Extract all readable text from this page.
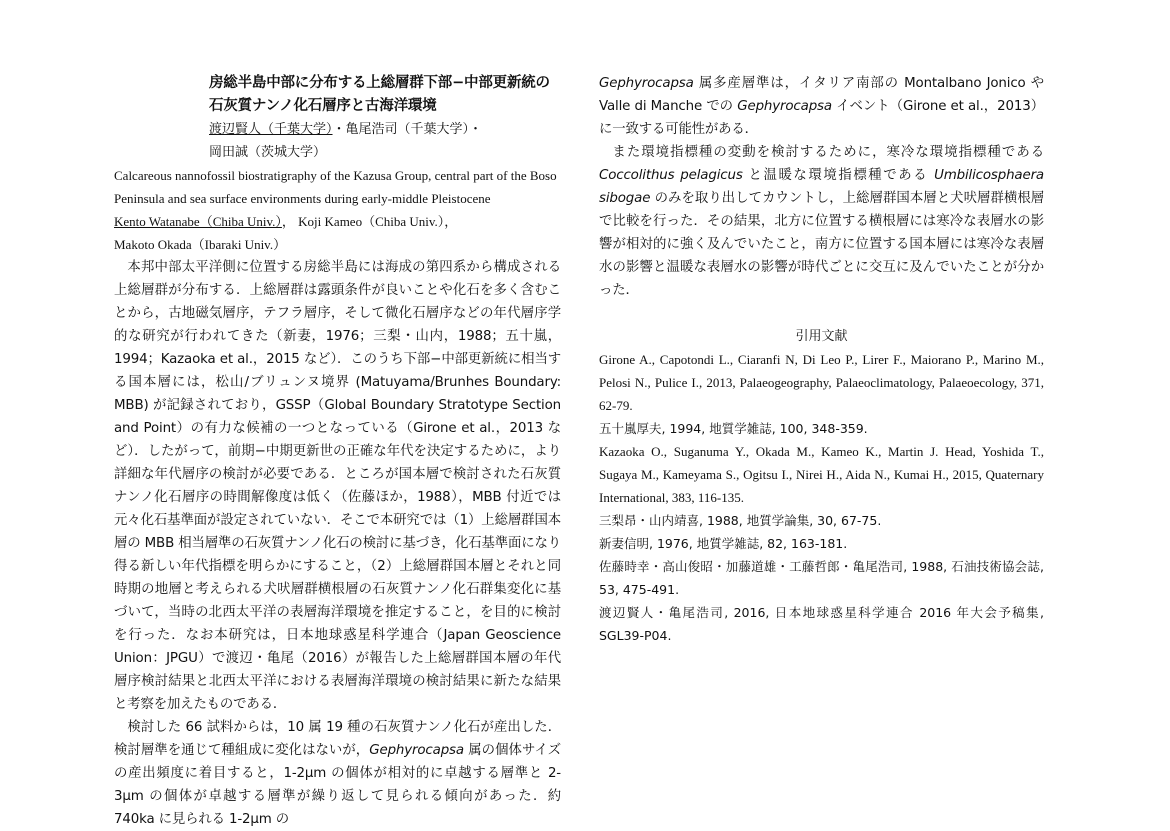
房総半島中部に分布する上総層群下部−中部更新統の石灰質ナンノ化石層序と古海洋環境
渡辺賢人（千葉大学）・亀尾浩司（千葉大学）・
岡田誠（茨城大学）
Calcareous nannofossil biostratigraphy of the Kazusa Group, central part of the Boso Peninsula and sea surface environments during early-middle Pleistocene
Kento Watanabe（Chiba Univ.）， Koji Kameo（Chiba Univ.），
Makoto Okada（Ibaraki Univ.）

本邦中部太平洋側に位置する房総半島には海成の第四系から構成される上総層群が分布する．上総層群は露頭条件が良いことや化石を多く含むことから，古地磁気層序，テフラ層序，そして微化石層序などの年代層序学的な研究が行われてきた（新妻，1976；三梨・山内，1988；五十嵐，1994；Kazaoka et al.，2015 など）．このうち下部−中部更新統に相当する国本層には，松山/ブリュンヌ境界 (Matuyama/Brunhes Boundary: MBB) が記録されており，GSSP（Global Boundary Stratotype Section and Point）の有力な候補の一つとなっている（Girone et al.，2013 など）．したがって，前期−中期更新世の正確な年代を決定するために，より詳細な年代層序の検討が必要である．ところが国本層で検討された石灰質ナンノ化石層序の時間解像度は低く（佐藤ほか，1988），MBB 付近では元々化石基準面が設定されていない．そこで本研究では（1）上総層群国本層の MBB 相当層準の石灰質ナンノ化石の検討に基づき，化石基準面になり得る新しい年代指標を明らかにすること，（2）上総層群国本層とそれと同時期の地層と考えられる犬吠層群横根層の石灰質ナンノ化石群集変化に基づいて，当時の北西太平洋の表層海洋環境を推定すること，を目的に検討を行った．なお本研究は，日本地球惑星科学連合（Japan Geoscience Union：JPGU）で渡辺・亀尾（2016）が報告した上総層群国本層の年代層序検討結果と北西太平洋における表層海洋環境の検討結果に新たな結果と考察を加えたものである．

検討した 66 試料からは，10 属 19 種の石灰質ナンノ化石が産出した．検討層準を通じて種組成に変化はないが，Gephyrocapsa 属の個体サイズの産出頻度に着目すると，1-2μm の個体が相対的に卓越する層準と 2-3μm の個体が卓越する層準が繰り返して見られる傾向があった．約 740ka に見られる 1-2μm の

Gephyrocapsa 属多産層準は，イタリア南部の Montalbano Jonico や Valle di Manche での Gephyrocapsa イベント（Girone et al.，2013）に一致する可能性がある．

また環境指標種の変動を検討するために，寒冷な環境指標種である Coccolithus pelagicus と温暖な環境指標種である Umbilicosphaera sibogae のみを取り出してカウントし，上総層群国本層と犬吠層群横根層で比較を行った．その結果，北方に位置する横根層には寒冷な表層水の影響が相対的に強く及んでいたこと，南方に位置する国本層には寒冷な表層水の影響と温暖な表層水の影響が時代ごとに交互に及んでいたことが分かった．

引用文献
Girone A., Capotondi L., Ciaranfi N, Di Leo P., Lirer F., Maiorano P., Marino M., Pelosi N., Pulice I., 2013, Palaeogeography, Palaeoclimatology, Palaeoecology, 371, 62-79.
五十嵐厚夫, 1994, 地質学雑誌, 100, 348-359.
Kazaoka O., Suganuma Y., Okada M., Kameo K., Martin J. Head, Yoshida T., Sugaya M., Kameyama S., Ogitsu I., Nirei H., Aida N., Kumai H., 2015, Quaternary International, 383, 116-135.
三梨昂・山内靖喜, 1988, 地質学論集, 30, 67-75.
新妻信明, 1976, 地質学雑誌, 82, 163-181.
佐藤時幸・高山俊昭・加藤道雄・工藤哲郎・亀尾浩司, 1988, 石油技術協会誌, 53, 475-491.
渡辺賢人・亀尾浩司, 2016, 日本地球惑星科学連合 2016 年大会予稿集, SGL39-P04.
